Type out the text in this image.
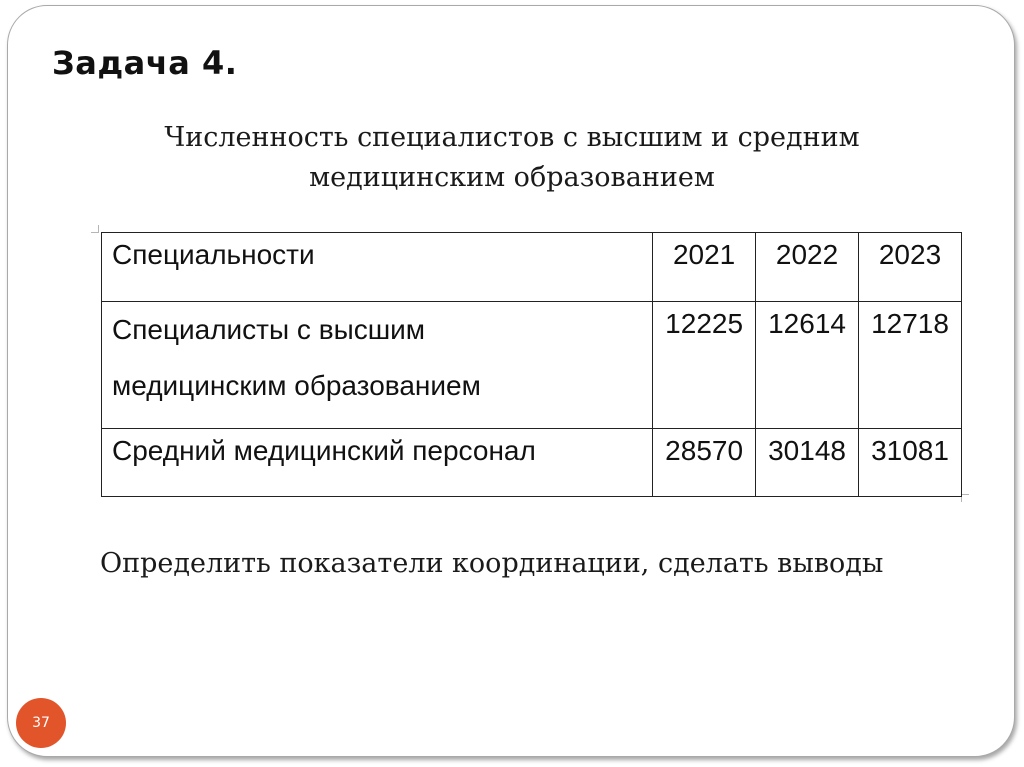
Задача 4.

Численность специалистов с высшим и средним
медицинским образованием

Специальности	2021	2022	2023

Специалисты с высшим
медицинским образованием	12225	12614	12718
Средний медицинский персонал	28570	30148	31081

Определить показатели координации, сделать выводы

37
